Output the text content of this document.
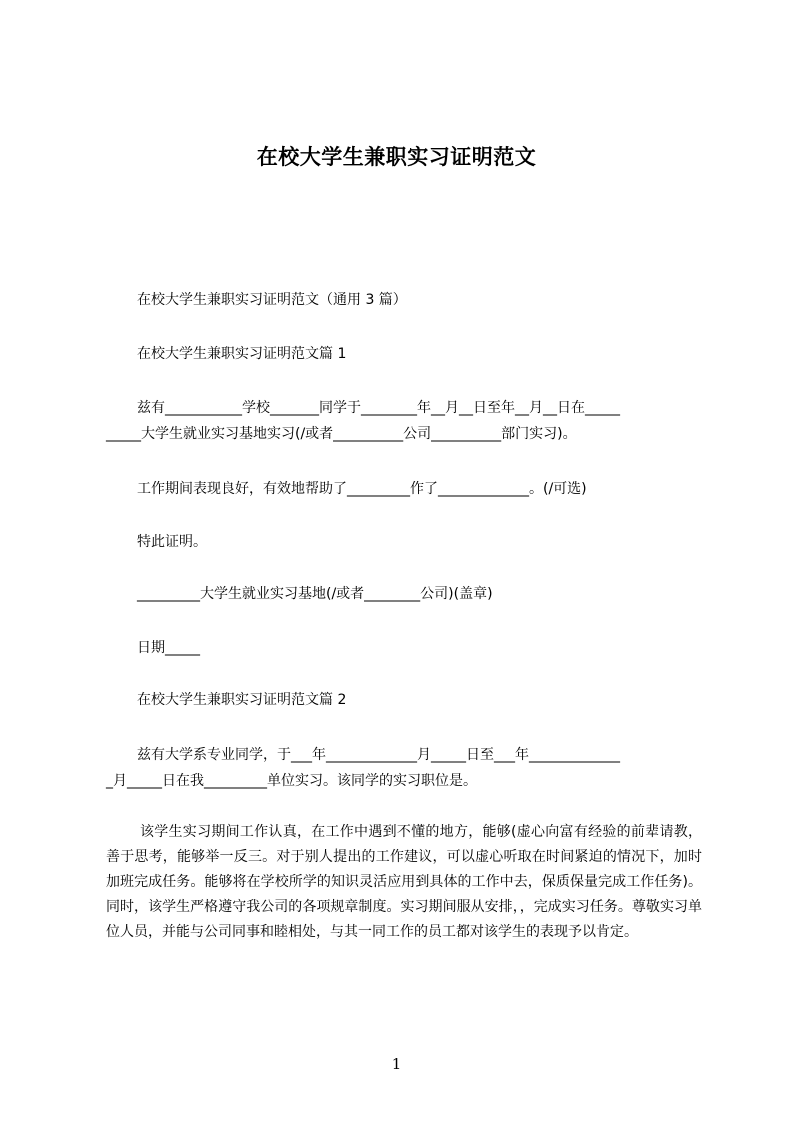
在校大学生兼职实习证明范文
在校大学生兼职实习证明范文（通用 3 篇）
在校大学生兼职实习证明范文篇 1
兹有___________学校_______同学于________年__月__日至年__月__日在_____
_____大学生就业实习基地实习(/或者__________公司__________部门实习)。
工作期间表现良好，有效地帮助了_________作了_____________。(/可选)
特此证明。
_________大学生就业实习基地(/或者________公司)(盖章)
日期_____
在校大学生兼职实习证明范文篇 2
兹有大学系专业同学，于___年_____________月_____日至___年_____________
_月_____日在我_________单位实习。该同学的实习职位是。
该学生实习期间工作认真，在工作中遇到不懂的地方，能够(虚心向富有经验的前辈请教，善于思考，能够举一反三。对于别人提出的工作建议，可以虚心听取在时间紧迫的情况下，加时加班完成任务。能够将在学校所学的知识灵活应用到具体的工作中去，保质保量完成工作任务)。同时，该学生严格遵守我公司的各项规章制度。实习期间服从安排，，完成实习任务。尊敬实习单位人员，并能与公司同事和睦相处，与其一同工作的员工都对该学生的表现予以肯定。
1
